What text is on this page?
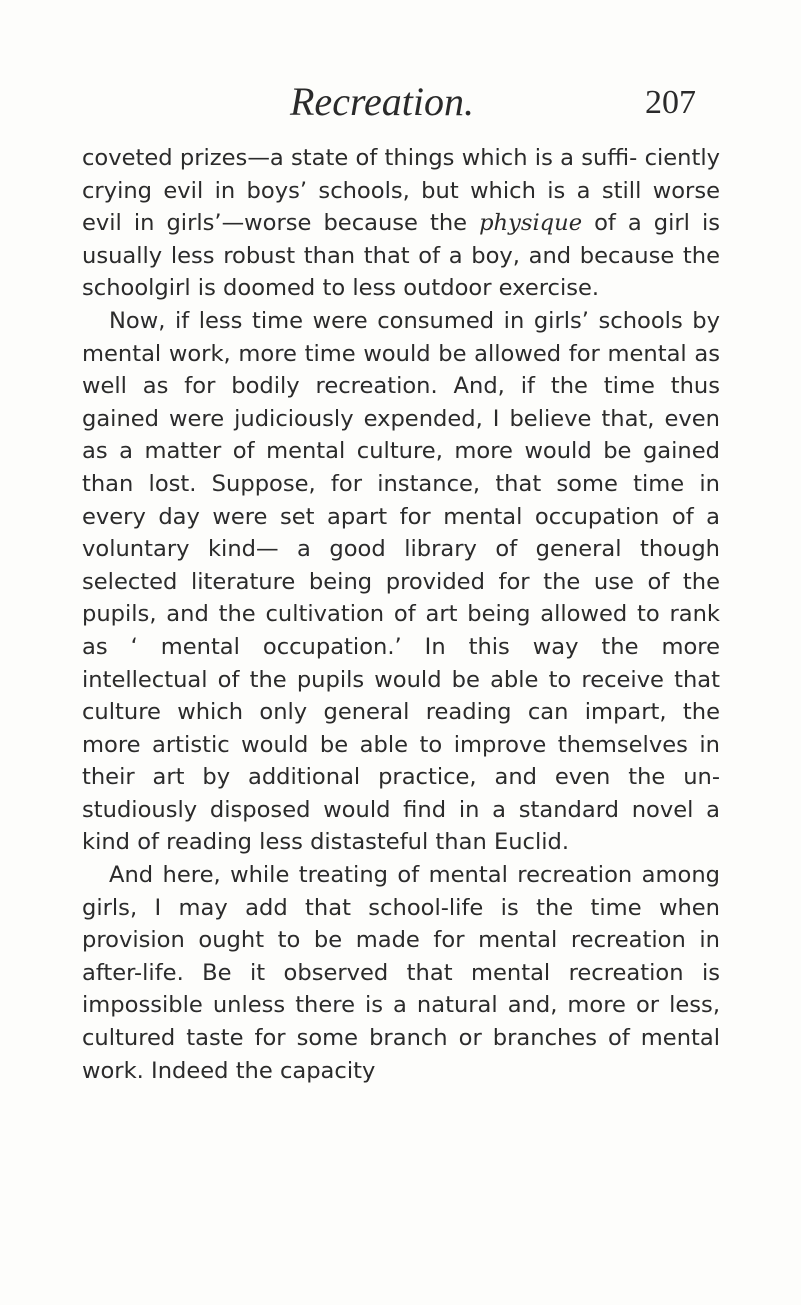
Recreation.	207

coveted prizes—a state of things which is a suffi- ciently crying evil in boys’ schools, but which is a still worse evil in girls’—worse because the physique of a girl is usually less robust than that of a boy, and because the schoolgirl is doomed to less outdoor exercise.

Now, if less time were consumed in girls’ schools by mental work, more time would be allowed for mental as well as for bodily recreation. And, if the time thus gained were judiciously expended, I believe that, even as a matter of mental culture, more would be gained than lost. Suppose, for instance, that some time in every day were set apart for mental occupation of a voluntary kind— a good library of general though selected literature being provided for the use of the pupils, and the cultivation of art being allowed to rank as ‘ mental occupation.’ In this way the more intellectual of the pupils would be able to receive that culture which only general reading can impart, the more artistic would be able to improve themselves in their art by additional practice, and even the un- studiously disposed would find in a standard novel a kind of reading less distasteful than Euclid.

And here, while treating of mental recreation among girls, I may add that school-life is the time when provision ought to be made for mental recreation in after-life. Be it observed that mental recreation is impossible unless there is a natural and, more or less, cultured taste for some branch or branches of mental work. Indeed the capacity
